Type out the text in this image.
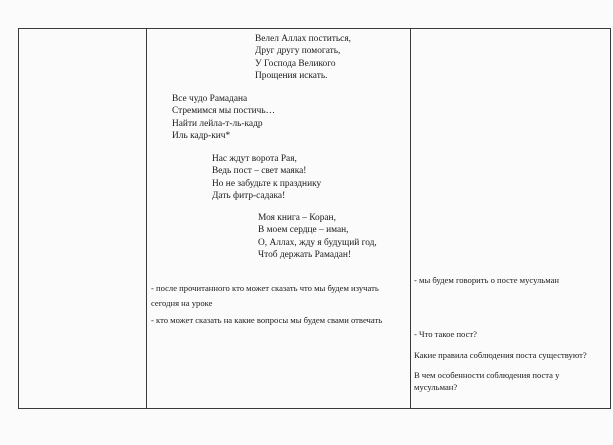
Велел Аллах поститься,
Друг другу помогать,
У Господа Великого
Прощения искать.
Все чудо Рамадана
Стремимся мы постичь…
Найти лейла-т-ль-кадр
Иль кадр-кич*
Нас ждут ворота Рая,
Ведь пост – свет маяка!
Но не забудьте к празднику
Дать фитр-садака!
Моя книга – Коран,
В моем сердце – иман,
О, Аллах, жду я будущий год,
Чтоб держать Рамадан!

- после прочитанного кто может сказать что мы будем изучать сегодня на уроке

- кто может сказать на какие вопросы мы будем свами отвечать

- мы будем говорить о посте мусульман

- Что такое пост?

Какие правила соблюдения поста существуют?

В чем особенности соблюдения поста у мусульман?
